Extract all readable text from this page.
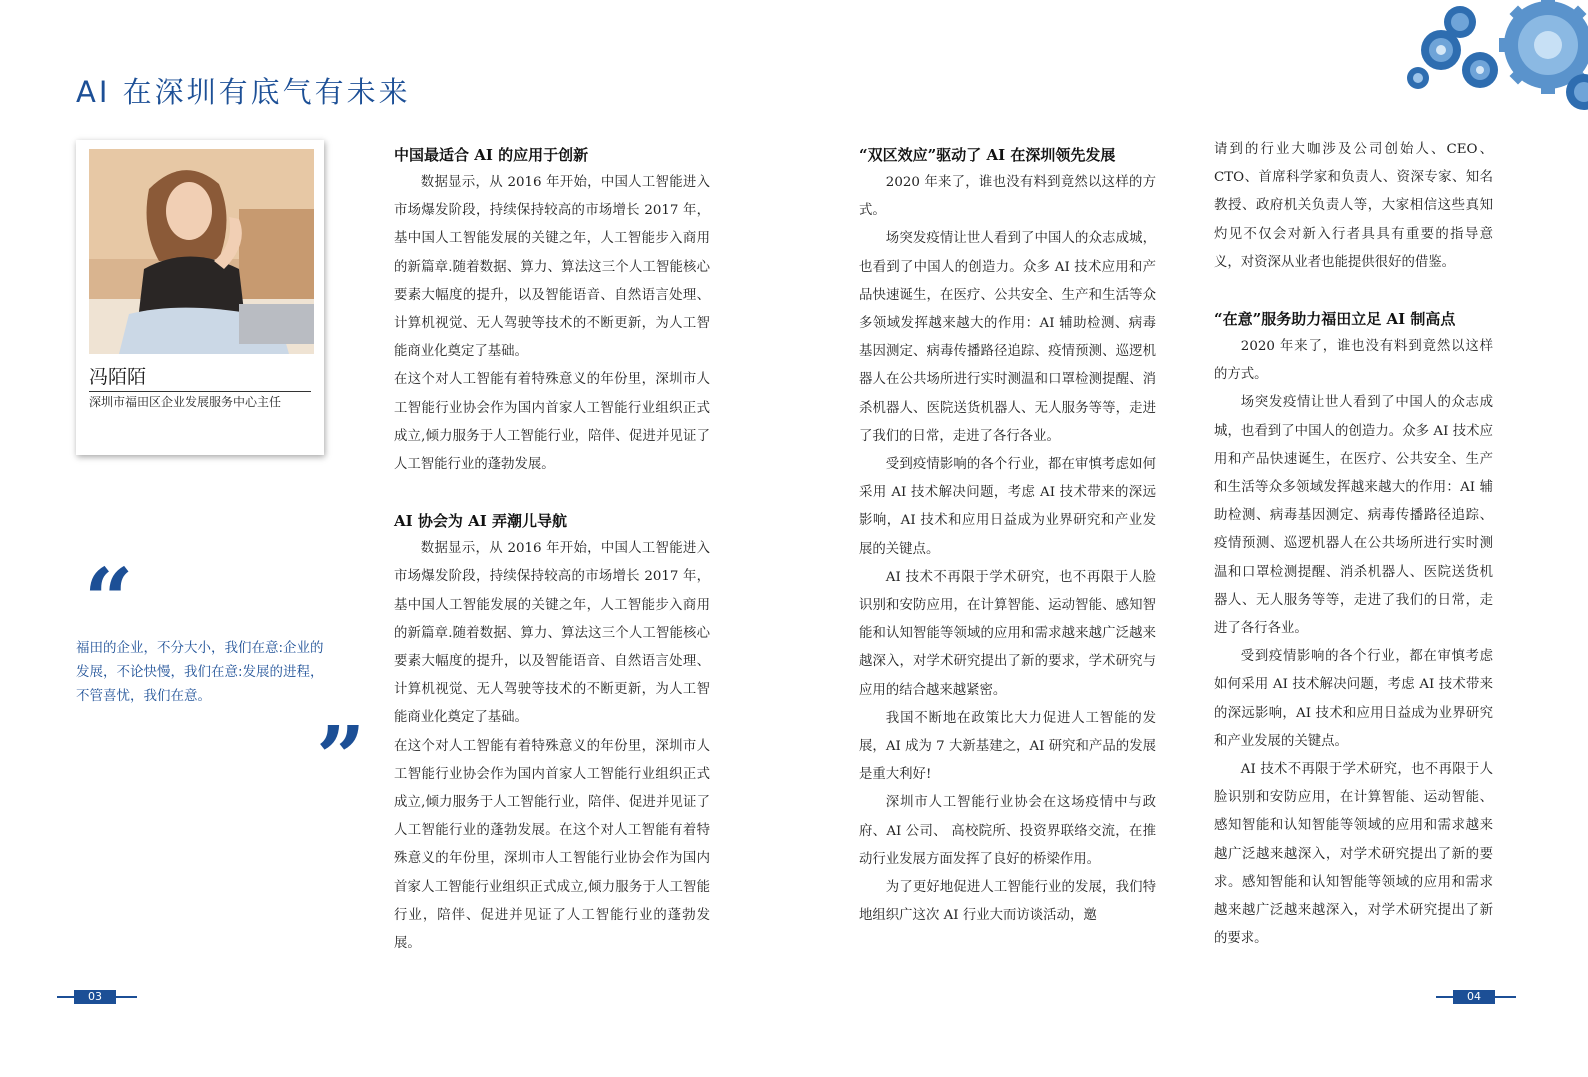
AI 在深圳有底气有未来
冯陌陌
深圳市福田区企业发展服务中心主任
“
福田的企业，不分大小，我们在意:企业的
发展，不论快慢，我们在意:发展的进程，
不管喜忧，我们在意。
”
中国最适合 AI 的应用于创新

数据显示，从 2016 年开始，中国人工智能进入市场爆发阶段，持续保持较高的市场增长 2017 年，基中国人工智能发展的关键之年，人工智能步入商用的新篇章.随着数据、算力、算法这三个人工智能核心要素大幅度的提升，以及智能语音、自然语言处理、计算机视觉、无人驾驶等技术的不断更新，为人工智能商业化奠定了基础。

在这个对人工智能有着特殊意义的年份里，深圳市人工智能行业协会作为国内首家人工智能行业组织正式成立,倾力服务于人工智能行业，陪伴、促进并见证了人工智能行业的蓬勃发展。

AI 协会为 AI 弄潮儿导航

数据显示，从 2016 年开始，中国人工智能进入市场爆发阶段，持续保持较高的市场增长 2017 年，基中国人工智能发展的关键之年，人工智能步入商用的新篇章.随着数据、算力、算法这三个人工智能核心要素大幅度的提升，以及智能语音、自然语言处理、计算机视觉、无人驾驶等技术的不断更新，为人工智能商业化奠定了基础。

在这个对人工智能有着特殊意义的年份里，深圳市人工智能行业协会作为国内首家人工智能行业组织正式成立,倾力服务于人工智能行业，陪伴、促进并见证了人工智能行业的蓬勃发展。在这个对人工智能有着特殊意义的年份里，深圳市人工智能行业协会作为国内首家人工智能行业组织正式成立,倾力服务于人工智能行业，陪伴、促进并见证了人工智能行业的蓬勃发展。

“双区效应”驱动了 AI 在深圳领先发展

2020 年来了，谁也没有料到竟然以这样的方式。

场突发疫情让世人看到了中国人的众志成城，也看到了中国人的创造力。众多 AI 技术应用和产品快速诞生，在医疗、公共安全、生产和生活等众多领域发挥越来越大的作用：AI 辅助检测、病毒基因测定、病毒传播路径追踪、疫情预测、巡逻机器人在公共场所进行实时测温和口罩检测提醒、消杀机器人、医院送货机器人、无人服务等等，走进了我们的日常，走进了各行各业。

受到疫情影响的各个行业，都在审慎考虑如何采用 AI 技术解决问题，考虑 AI 技术带来的深远影响，AI 技术和应用日益成为业界研究和产业发展的关键点。

AI 技术不再限于学术研究，也不再限于人脸识别和安防应用，在计算智能、运动智能、感知智能和认知智能等领域的应用和需求越来越广泛越来越深入，对学术研究提出了新的要求，学术研究与应用的结合越来越紧密。

我国不断地在政策比大力促进人工智能的发展，AI 成为 7 大新基建之，AI 研究和产品的发展是重大利好!

深圳市人工智能行业协会在这场疫情中与政府、AI 公司、 高校院所、投资界联络交流，在推动行业发展方面发挥了良好的桥梁作用。

为了更好地促进人工智能行业的发展，我们特地组织广这次 AI 行业大而访谈活动，邀

请到的行业大咖涉及公司创始人、CEO、CTO、首席科学家和负责人、资深专家、知名教授、政府机关负责人等，大家相信这些真知灼见不仅会对新入行者具具有重要的指导意义，对资深从业者也能提供很好的借鉴。

“在意”服务助力福田立足 AI 制高点

2020 年来了，谁也没有料到竟然以这样的方式。

场突发疫情让世人看到了中国人的众志成城，也看到了中国人的创造力。众多 AI 技术应用和产品快速诞生，在医疗、公共安全、生产和生活等众多领域发挥越来越大的作用：AI 辅助检测、病毒基因测定、病毒传播路径追踪、疫情预测、巡逻机器人在公共场所进行实时测温和口罩检测提醒、消杀机器人、医院送货机器人、无人服务等等，走进了我们的日常，走进了各行各业。

受到疫情影响的各个行业，都在审慎考虑如何采用 AI 技术解决问题，考虑 AI 技术带来的深远影响，AI 技术和应用日益成为业界研究和产业发展的关键点。

AI 技术不再限于学术研究，也不再限于人脸识别和安防应用，在计算智能、运动智能、 感知智能和认知智能等领域的应用和需求越来越广泛越来越深入，对学术研究提出了新的要求。感知智能和认知智能等领域的应用和需求越来越广泛越来越深入，对学术研究提出了新的要求。

03	04
